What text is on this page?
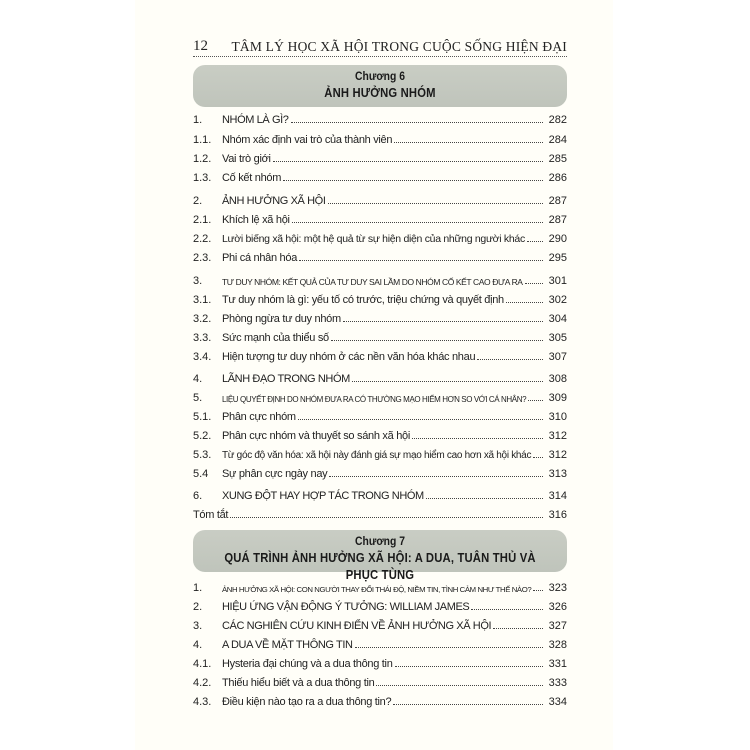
12 TÂM LÝ HỌC XÃ HỘI TRONG CUỘC SỐNG HIỆN ĐẠI
Chương 6
ẢNH HƯỞNG NHÓM
1.	NHÓM LÀ GÌ?	282
1.1. Nhóm xác định vai trò của thành viên	284
1.2. Vai trò giới	285
1.3. Cố kết nhóm	286
2.	ẢNH HƯỞNG XÃ HỘI	287
2.1. Khích lệ xã hội	287
2.2.	Lười biếng xã hội: một hệ quả từ sự hiện diện của những người khác	290
2.3. Phi cá nhân hóa	295
3.	TƯ DUY NHÓM: KẾT QUẢ CỦA TƯ DUY SAI LẦM DO NHÓM CỐ KẾT CAO ĐƯA RA	301
3.1. Tư duy nhóm là gì: yếu tố có trước, triệu chứng và quyết định	302
3.2. Phòng ngừa tư duy nhóm	304
3.3. Sức mạnh của thiểu số	305
3.4. Hiện tượng tư duy nhóm ở các nền văn hóa khác nhau	307
4.	LÃNH ĐẠO TRONG NHÓM	308
5.	LIỆU QUYẾT ĐỊNH DO NHÓM ĐƯA RA CÓ THƯỜNG MẠO HIỂM HƠN SO VỚI CÁ NHÂN?	309
5.1. Phân cực nhóm	310
5.2. Phân cực nhóm và thuyết so sánh xã hội	312
5.3.	Từ góc độ văn hóa: xã hội này đánh giá sự mạo hiểm cao hơn xã hội khác	312
5.4	Sự phân cực ngày nay	313
6.	XUNG ĐỘT HAY HỢP TÁC TRONG NHÓM	314
Tóm tắt	316
Chương 7
QUÁ TRÌNH ẢNH HƯỞNG XÃ HỘI: A DUA, TUÂN THỦ VÀ PHỤC TÙNG
1.	ẢNH HƯỞNG XÃ HỘI: CON NGƯỜI THAY ĐỔI THÁI ĐỘ, NIỀM TIN, TÌNH CẢM NHƯ THẾ NÀO?	323
2.	HIỆU ỨNG VẬN ĐỘNG Ý TƯỞNG: WILLIAM JAMES	326
3.	CÁC NGHIÊN CỨU KINH ĐIỂN VỀ ẢNH HƯỞNG XÃ HỘI	327
4.	A DUA VỀ MẶT THÔNG TIN	328
4.1. Hysteria đại chúng và a dua thông tin	331
4.2. Thiếu hiểu biết và a dua thông tin	333
4.3. Điều kiện nào tạo ra a dua thông tin?	334
